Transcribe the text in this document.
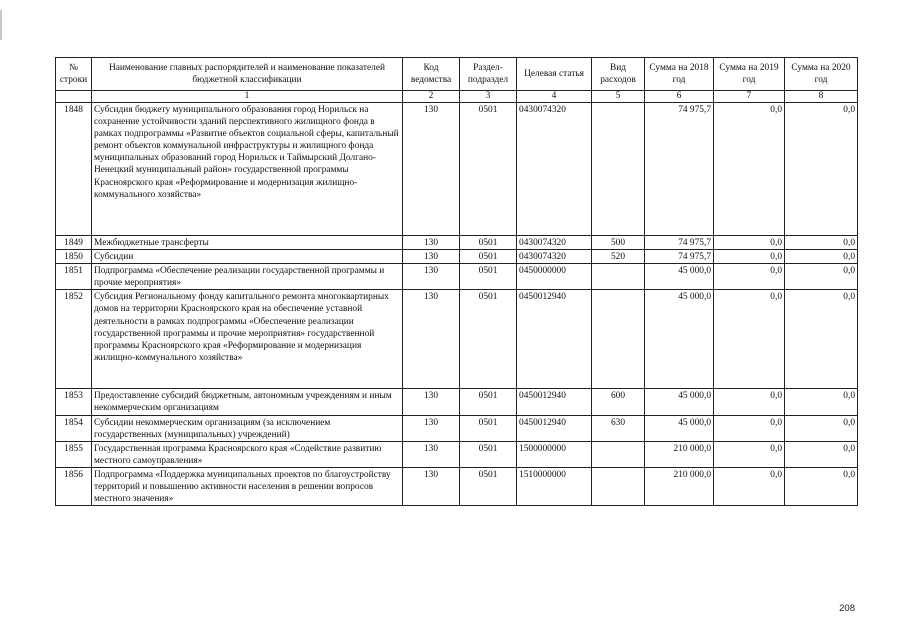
№ строки	Наименование главных распорядителей и наименование показателей бюджетной классификации	Код ведомства	Раздел-подраздел	Целевая статья	Вид расходов	Сумма на 2018 год	Сумма на 2019 год	Сумма на 2020 год
	1	2	3	4	5	6	7	8
1848	Субсидия бюджету муниципального образования город Норильск на сохранение устойчивости зданий перспективного жилищного фонда в рамках подпрограммы «Развитие объектов социальной сферы, капитальный ремонт объектов коммунальной инфраструктуры и жилищного фонда муниципальных образований город Норильск и Таймырский Долгано-Ненецкий муниципальный район» государственной программы Красноярского края «Реформирование и модернизация жилищно-коммунального хозяйства»	130	0501	0430074320		74 975,7	0,0	0,0
1849	Межбюджетные трансферты	130	0501	0430074320	500	74 975,7	0,0	0,0
1850	Субсидии	130	0501	0430074320	520	74 975,7	0,0	0,0
1851	Подпрограмма «Обеспечение реализации государственной программы и прочие мероприятия»	130	0501	0450000000		45 000,0	0,0	0,0
1852	Субсидия Региональному фонду капитального ремонта многоквартирных домов на территории Красноярского края на обеспечение уставной деятельности в рамках подпрограммы «Обеспечение реализации государственной программы и прочие мероприятия» государственной программы Красноярского края «Реформирование и модернизация жилищно-коммунального хозяйства»	130	0501	0450012940		45 000,0	0,0	0,0
1853	Предоставление субсидий бюджетным, автономным учреждениям и иным некоммерческим организациям	130	0501	0450012940	600	45 000,0	0,0	0,0
1854	Субсидии некоммерческим организациям (за исключением государственных (муниципальных) учреждений)	130	0501	0450012940	630	45 000,0	0,0	0,0
1855	Государственная программа Красноярского края «Содействие развитию местного самоуправления»	130	0501	1500000000		210 000,0	0,0	0,0
1856	Подпрограмма «Поддержка муниципальных проектов по благоустройству территорий и повышению активности населения в решении вопросов местного значения»	130	0501	1510000000		210 000,0	0,0	0,0
208
